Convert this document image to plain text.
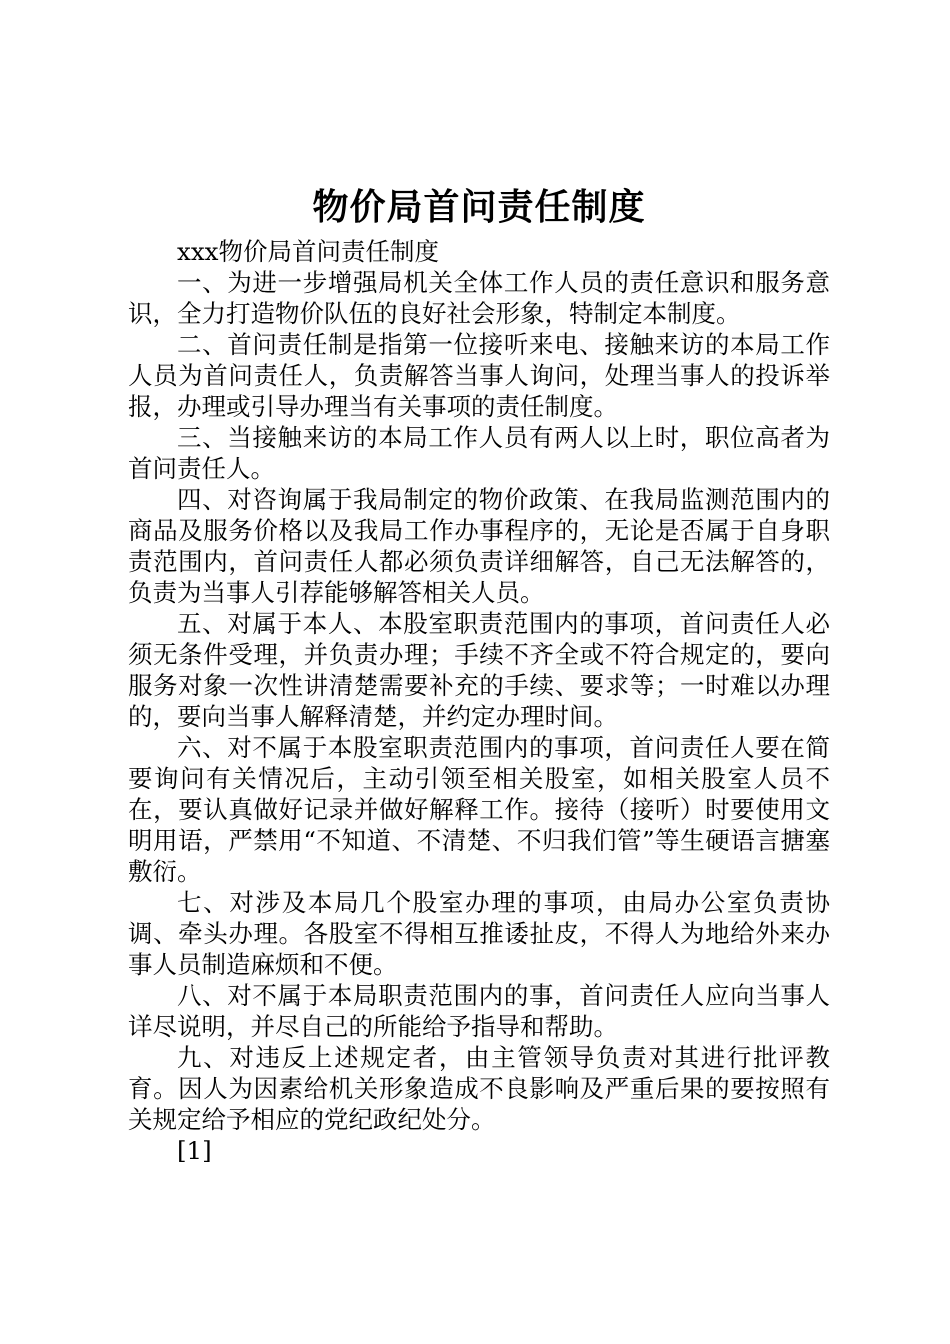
物价局首问责任制度

xxx物价局首问责任制度

一、为进一步增强局机关全体工作人员的责任意识和服务意识，全力打造物价队伍的良好社会形象，特制定本制度。

二、首问责任制是指第一位接听来电、接触来访的本局工作人员为首问责任人，负责解答当事人询问，处理当事人的投诉举报，办理或引导办理当有关事项的责任制度。

三、当接触来访的本局工作人员有两人以上时，职位高者为首问责任人。

四、对咨询属于我局制定的物价政策、在我局监测范围内的商品及服务价格以及我局工作办事程序的，无论是否属于自身职责范围内，首问责任人都必须负责详细解答，自己无法解答的，负责为当事人引荐能够解答相关人员。

五、对属于本人、本股室职责范围内的事项，首问责任人必须无条件受理，并负责办理；手续不齐全或不符合规定的，要向服务对象一次性讲清楚需要补充的手续、要求等；一时难以办理的，要向当事人解释清楚，并约定办理时间。

六、对不属于本股室职责范围内的事项，首问责任人要在简要询问有关情况后，主动引领至相关股室，如相关股室人员不在，要认真做好记录并做好解释工作。接待（接听）时要使用文明用语，严禁用“不知道、不清楚、不归我们管”等生硬语言搪塞敷衍。

七、对涉及本局几个股室办理的事项，由局办公室负责协调、牵头办理。各股室不得相互推诿扯皮，不得人为地给外来办事人员制造麻烦和不便。

八、对不属于本局职责范围内的事，首问责任人应向当事人详尽说明，并尽自己的所能给予指导和帮助。

九、对违反上述规定者，由主管领导负责对其进行批评教育。因人为因素给机关形象造成不良影响及严重后果的要按照有关规定给予相应的党纪政纪处分。

[1]
